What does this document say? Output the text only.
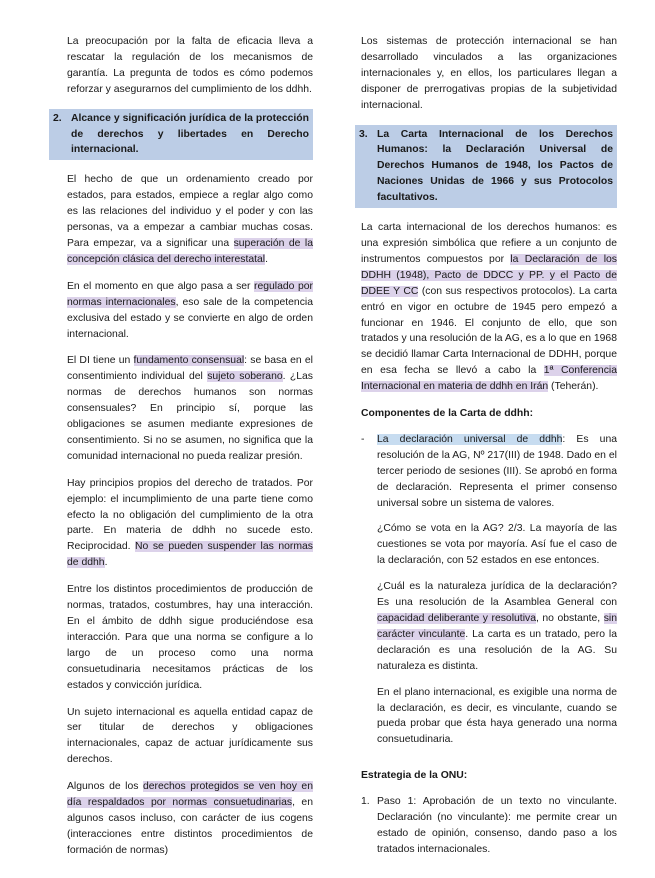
La preocupación por la falta de eficacia lleva a rescatar la regulación de los mecanismos de garantía. La pregunta de todos es cómo podemos reforzar y asegurarnos del cumplimiento de los ddhh.

2. Alcance y significación jurídica de la protección de derechos y libertades en Derecho internacional.

El hecho de que un ordenamiento creado por estados, para estados, empiece a reglar algo como es las relaciones del individuo y el poder y con las personas, va a empezar a cambiar muchas cosas. Para empezar, va a significar una superación de la concepción clásica del derecho interestatal.

En el momento en que algo pasa a ser regulado por normas internacionales, eso sale de la competencia exclusiva del estado y se convierte en algo de orden internacional.

El DI tiene un fundamento consensual: se basa en el consentimiento individual del sujeto soberano. ¿Las normas de derechos humanos son normas consensuales? En principio sí, porque las obligaciones se asumen mediante expresiones de consentimiento. Si no se asumen, no significa que la comunidad internacional no pueda realizar presión.

Hay principios propios del derecho de tratados. Por ejemplo: el incumplimiento de una parte tiene como efecto la no obligación del cumplimiento de la otra parte. En materia de ddhh no sucede esto. Reciprocidad. No se pueden suspender las normas de ddhh.

Entre los distintos procedimientos de producción de normas, tratados, costumbres, hay una interacción. En el ámbito de ddhh sigue produciéndose esa interacción. Para que una norma se configure a lo largo de un proceso como una norma consuetudinaria necesitamos prácticas de los estados y convicción jurídica.

Un sujeto internacional es aquella entidad capaz de ser titular de derechos y obligaciones internacionales, capaz de actuar jurídicamente sus derechos.

Algunos de los derechos protegidos se ven hoy en día respaldados por normas consuetudinarias, en algunos casos incluso, con carácter de ius cogens (interacciones entre distintos procedimientos de formación de normas)

Los sistemas de protección internacional se han desarrollado vinculados a las organizaciones internacionales y, en ellos, los particulares llegan a disponer de prerrogativas propias de la subjetividad internacional.

3. La Carta Internacional de los Derechos Humanos: la Declaración Universal de Derechos Humanos de 1948, los Pactos de Naciones Unidas de 1966 y sus Protocolos facultativos.

La carta internacional de los derechos humanos: es una expresión simbólica que refiere a un conjunto de instrumentos compuestos por la Declaración de los DDHH (1948), Pacto de DDCC y PP. y el Pacto de DDEE Y CC (con sus respectivos protocolos). La carta entró en vigor en octubre de 1945 pero empezó a funcionar en 1946. El conjunto de ello, que son tratados y una resolución de la AG, es a lo que en 1968 se decidió llamar Carta Internacional de DDHH, porque en esa fecha se llevó a cabo la 1ª Conferencia Internacional en materia de ddhh en Irán (Teherán).

Componentes de la Carta de ddhh:
-	La declaración universal de ddhh: Es una resolución de la AG, Nº 217(III) de 1948. Dado en el tercer periodo de sesiones (III). Se aprobó en forma de declaración. Representa el primer consenso universal sobre un sistema de valores.

¿Cómo se vota en la AG? 2/3. La mayoría de las cuestiones se vota por mayoría. Así fue el caso de la declaración, con 52 estados en ese entonces.

¿Cuál es la naturaleza jurídica de la declaración? Es una resolución de la Asamblea General con capacidad deliberante y resolutiva, no obstante, sin carácter vinculante. La carta es un tratado, pero la declaración es una resolución de la AG. Su naturaleza es distinta.

En el plano internacional, es exigible una norma de la declaración, es decir, es vinculante, cuando se pueda probar que ésta haya generado una norma consuetudinaria.

Estrategia de la ONU:
1. Paso 1: Aprobación de un texto no vinculante. Declaración (no vinculante): me permite crear un estado de opinión, consenso, dando paso a los tratados internacionales.
